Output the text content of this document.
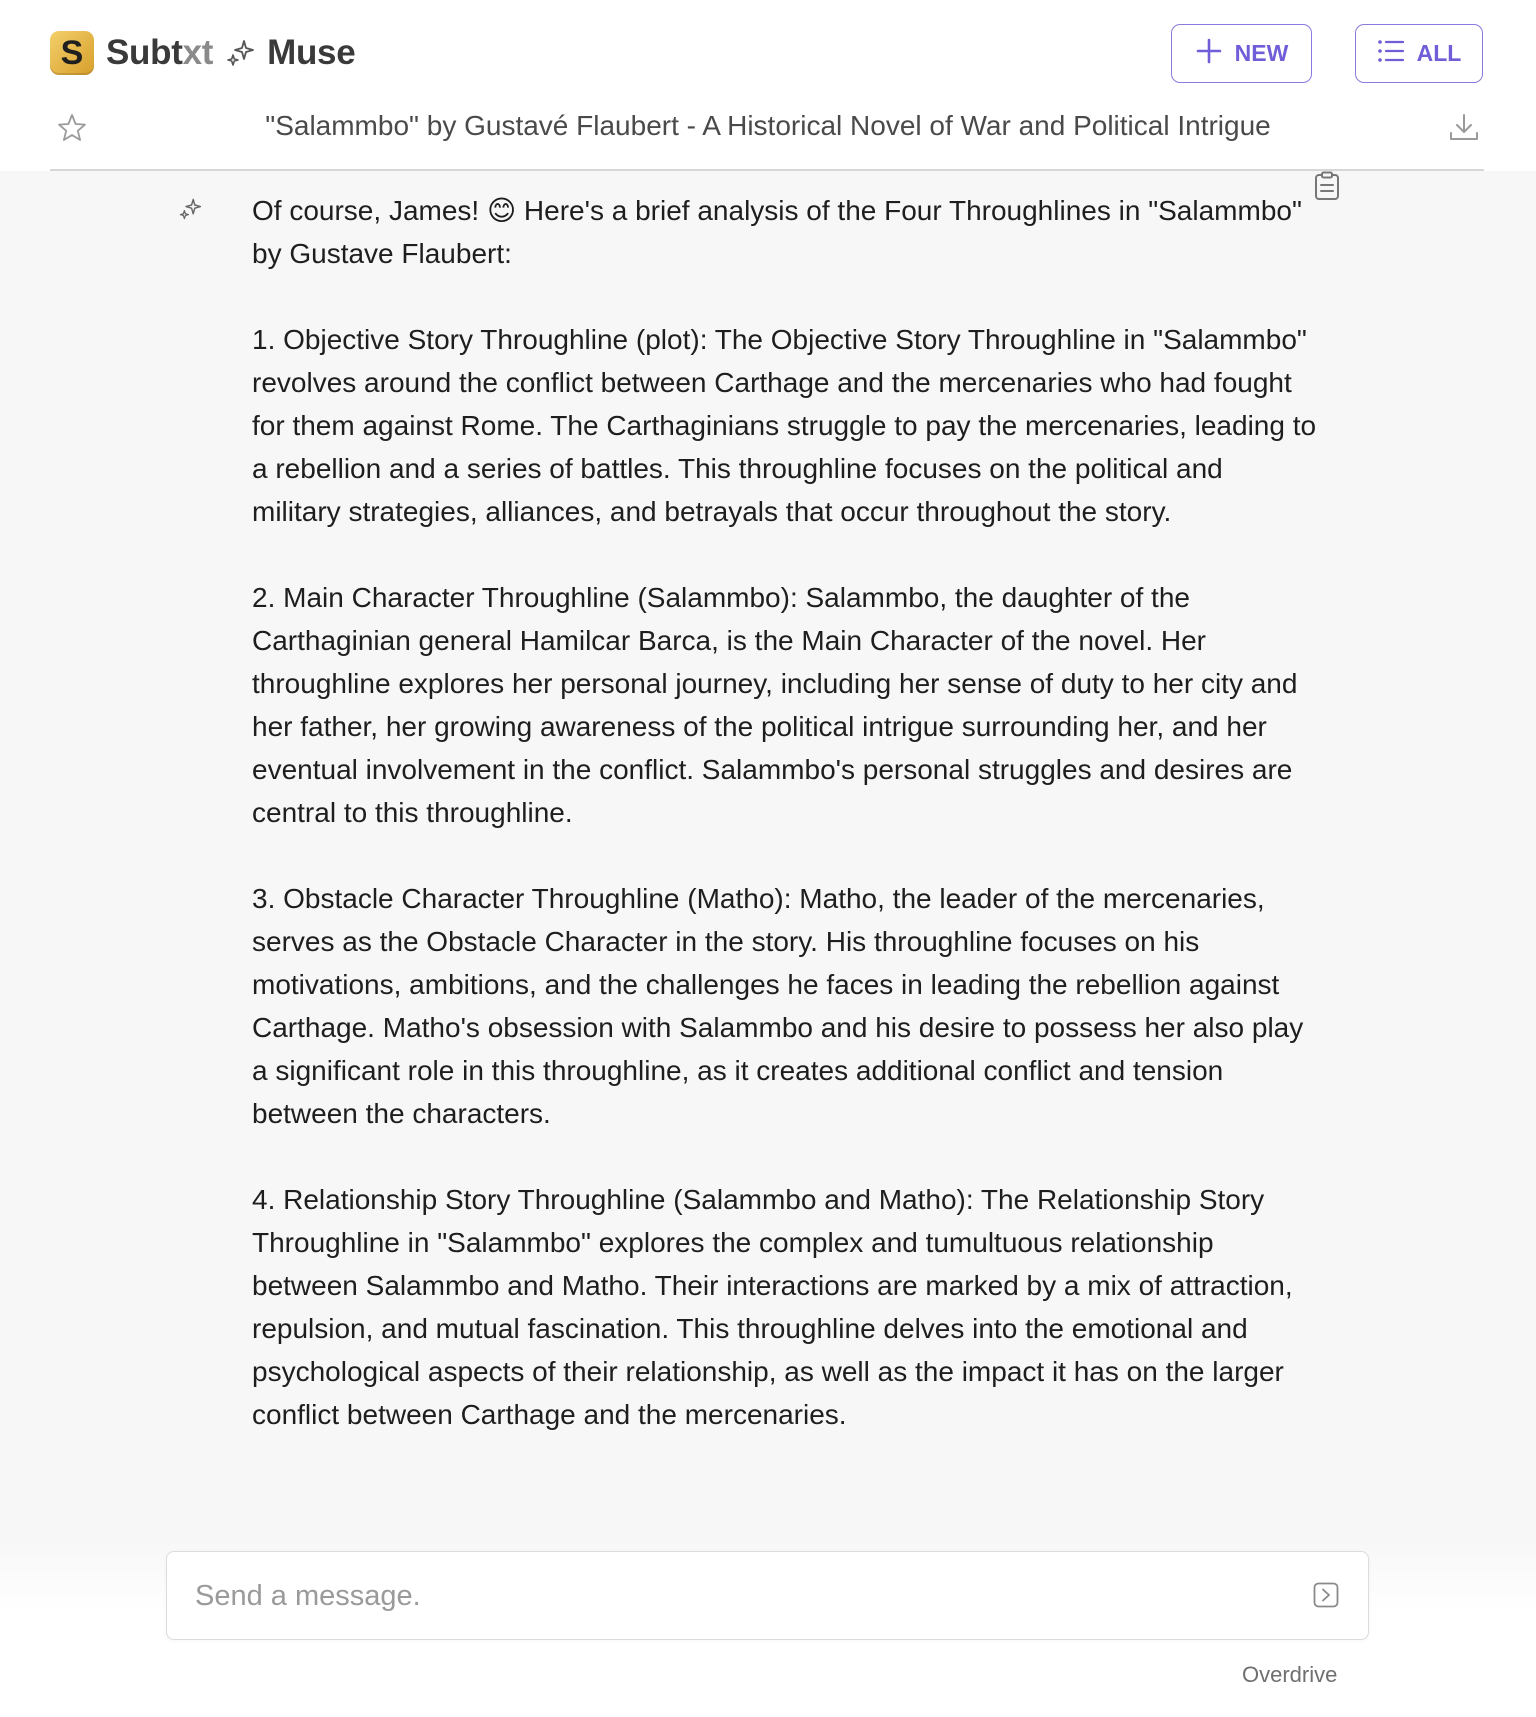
S Subtxt Muse	NEW	ALL
"Salammbo" by Gustavé Flaubert - A Historical Novel of War and Political Intrigue

Of course, James! 😊 Here's a brief analysis of the Four Throughlines in "Salammbo" by Gustave Flaubert:

1. Objective Story Throughline (plot): The Objective Story Throughline in "Salammbo" revolves around the conflict between Carthage and the mercenaries who had fought for them against Rome. The Carthaginians struggle to pay the mercenaries, leading to a rebellion and a series of battles. This throughline focuses on the political and military strategies, alliances, and betrayals that occur throughout the story.

2. Main Character Throughline (Salammbo): Salammbo, the daughter of the Carthaginian general Hamilcar Barca, is the Main Character of the novel. Her throughline explores her personal journey, including her sense of duty to her city and her father, her growing awareness of the political intrigue surrounding her, and her eventual involvement in the conflict. Salammbo's personal struggles and desires are central to this throughline.

3. Obstacle Character Throughline (Matho): Matho, the leader of the mercenaries, serves as the Obstacle Character in the story. His throughline focuses on his motivations, ambitions, and the challenges he faces in leading the rebellion against Carthage. Matho's obsession with Salammbo and his desire to possess her also play a significant role in this throughline, as it creates additional conflict and tension between the characters.

4. Relationship Story Throughline (Salammbo and Matho): The Relationship Story Throughline in "Salammbo" explores the complex and tumultuous relationship between Salammbo and Matho. Their interactions are marked by a mix of attraction, repulsion, and mutual fascination. This throughline delves into the emotional and psychological aspects of their relationship, as well as the impact it has on the larger conflict between Carthage and the mercenaries.

Send a message.
Overdrive
